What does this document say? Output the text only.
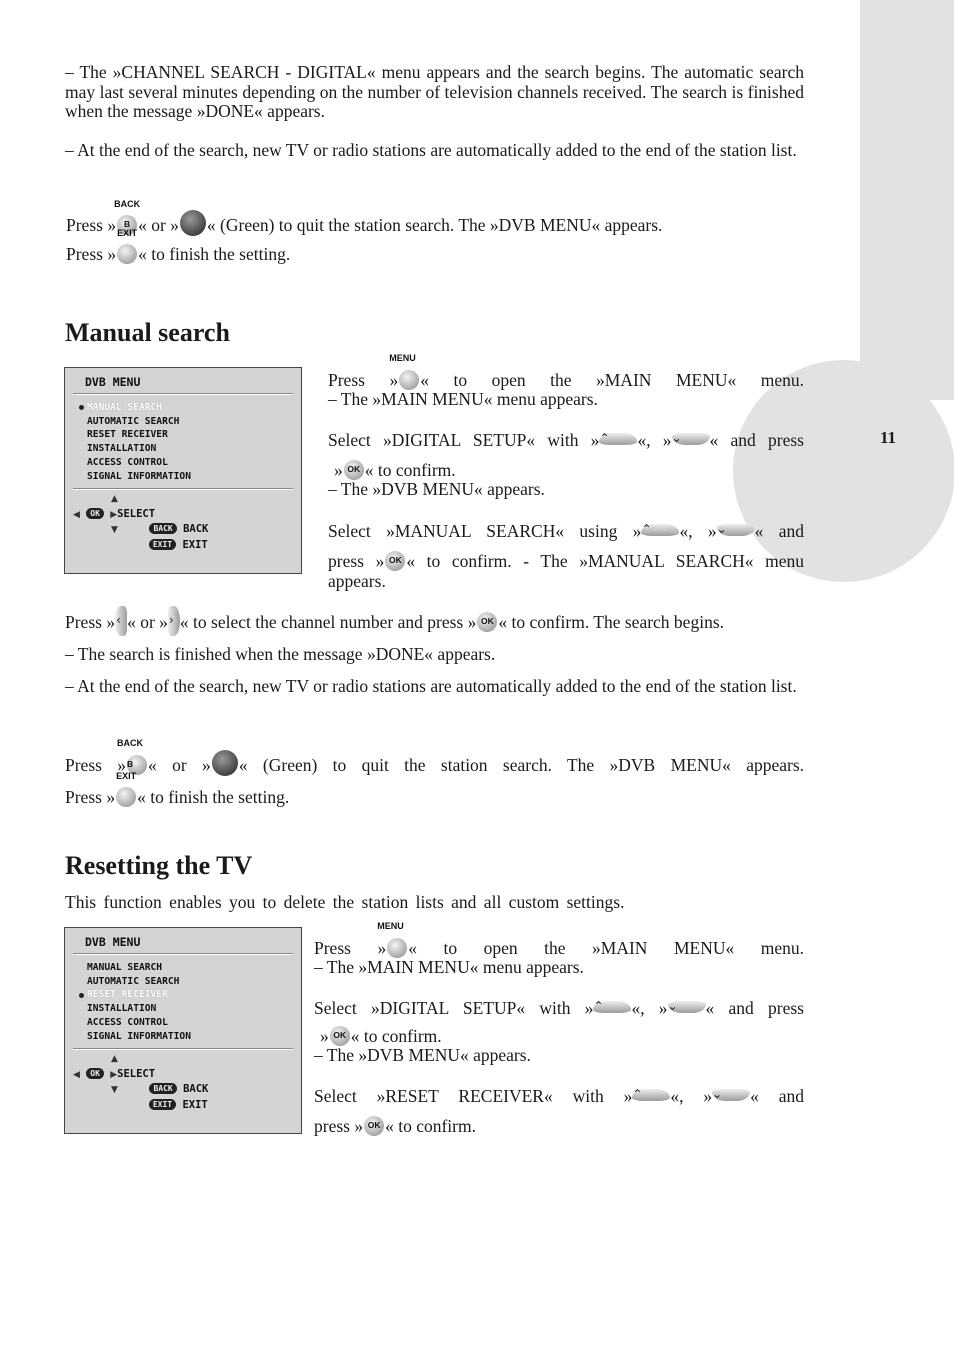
11
– The »CHANNEL SEARCH - DIGITAL« menu appears and the search begins. The automatic search may last several minutes depending on the number of television channels received. The search is finished when the message »DONE« appears.
– At the end of the search, new TV or radio stations are automatically added to the end of the station list.
Press »
BACK
B « or » « (Green) to quit the station search. The »DVB MENU« appears.
Press »
EXIT
« to finish the setting.
Manual search
DVB MENU
MANUAL SEARCH
AUTOMATIC SEARCH
RESET RECEIVER
INSTALLATION
ACCESS CONTROL
SIGNAL INFORMATION
▲
◀ OK ▶SELECT
▼	BACK BACK
EXIT EXIT
Press »
MENU
« to open the »MAIN MENU« menu.
– The »MAIN MENU« menu appears.
Select »DIGITAL SETUP« with » ⌃	«, » ⌄	« and press
» OK « to confirm.
– The »DVB MENU« appears.
Select »MANUAL SEARCH« using » ⌃	«, » ⌄	« and
press » OK « to confirm. - The »MANUAL SEARCH« menu appears.
Press » ‹ « or » › « to select the channel number and press » OK « to confirm. The search begins.
– The search is finished when the message »DONE« appears.
– At the end of the search, new TV or radio stations are automatically added to the end of the station list.
Press »
BACK
B « or » « (Green) to quit the station search. The »DVB MENU« appears.
Press »
EXIT
« to finish the setting.
Resetting the TV
This function enables you to delete the station lists and all custom settings.
DVB MENU
MANUAL SEARCH
AUTOMATIC SEARCH
RESET RECEIVER
INSTALLATION
ACCESS CONTROL
SIGNAL INFORMATION
▲
◀ OK ▶SELECT
▼	BACK BACK
EXIT EXIT
Press »
MENU
« to open the »MAIN MENU« menu.
– The »MAIN MENU« menu appears.
Select »DIGITAL SETUP« with » ⌃	«, » ⌄	« and press
» OK « to confirm.
– The »DVB MENU« appears.
Select »RESET RECEIVER« with » ⌃	«, » ⌄	« and
press » OK « to confirm.
